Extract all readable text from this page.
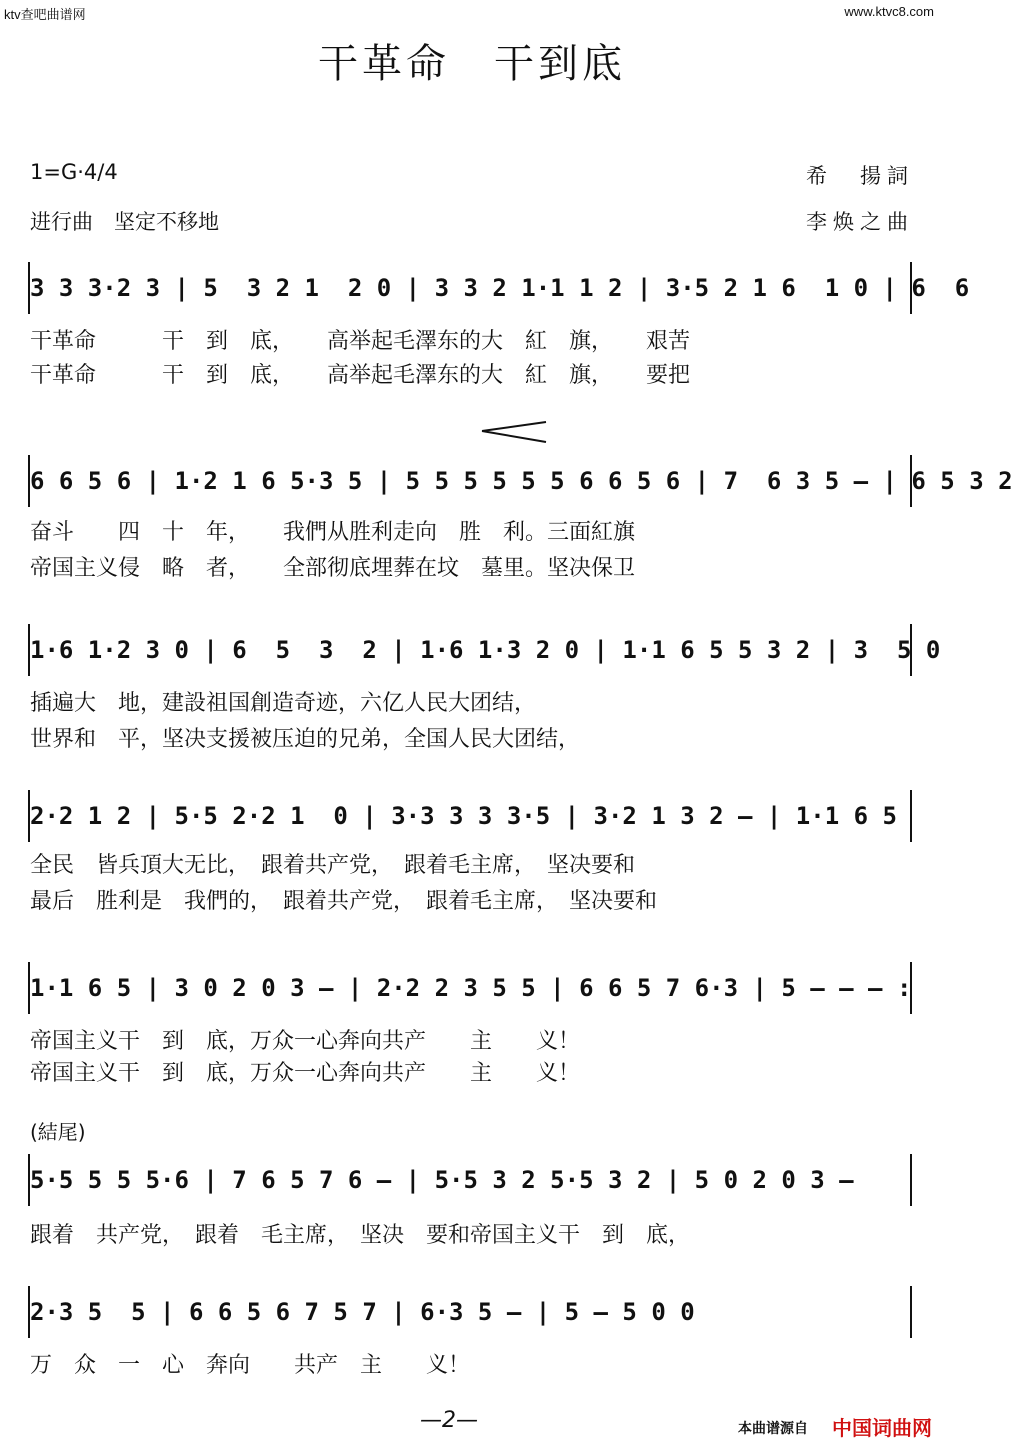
ktv查吧曲谱网	www.ktvc8.com
干革命　干到底
1=G·4/4
进行曲　坚定不移地
希　揚詞
李焕之曲
3 3 3·2 3 | 5  3 2 1  2 0 | 3 3 2 1·1 1 2 | 3·5 2 1 6  1 0 | 6  6
干革命　　　干　到　底，　　高举起毛澤东的大　紅　旗，　　艰苦
干革命　　　干　到　底，　　高举起毛澤东的大　紅　旗，　　要把
6 6 5 6 | 1·2 1 6 5·3 5 | 5 5 5 5 5 5 6 6 5 6 | 7  6 3 5 — | 6 5 3 2
奋斗　　四　十　年，　　我們从胜利走向　胜　利。三面紅旗
帝国主义侵　略　者，　　全部彻底埋葬在坟　墓里。坚决保卫
1·6 1·2 3 0 | 6  5  3  2 | 1·6 1·3 2 0 | 1·1 6 5 5 3 2 | 3  5 0
插遍大　地，建設祖国創造奇迹，六亿人民大团结，
世界和　平，坚决支援被压迫的兄弟，全国人民大团结，
2·2 1 2 | 5·5 2·2 1  0 | 3·3 3 3 3·5 | 3·2 1 3 2 — | 1·1 6 5
全民　皆兵頂大无比，　跟着共产党，　跟着毛主席，　坚决要和
最后　胜利是　我們的，　跟着共产党，　跟着毛主席，　坚决要和
1·1 6 5 | 3 0 2 0 3 — | 2·2 2 3 5 5 | 6 6 5 7 6·3 | 5 — — — :
帝国主义干　到　底，万众一心奔向共产　　主　　义！
帝国主义干　到　底，万众一心奔向共产　　主　　义！
(結尾)
5·5 5 5 5·6 | 7 6 5 7 6 — | 5·5 3 2 5·5 3 2 | 5 0 2 0 3 —
跟着　共产党，　跟着　毛主席，　坚决　要和帝国主义干　到　底，
2·3 5  5 | 6 6 5 6 7 5 7 | 6·3 5 — | 5 — 5 0 0
万　众　一　心　奔向　　共产　主　　义！
—2—	本曲谱源自 中国词曲网
